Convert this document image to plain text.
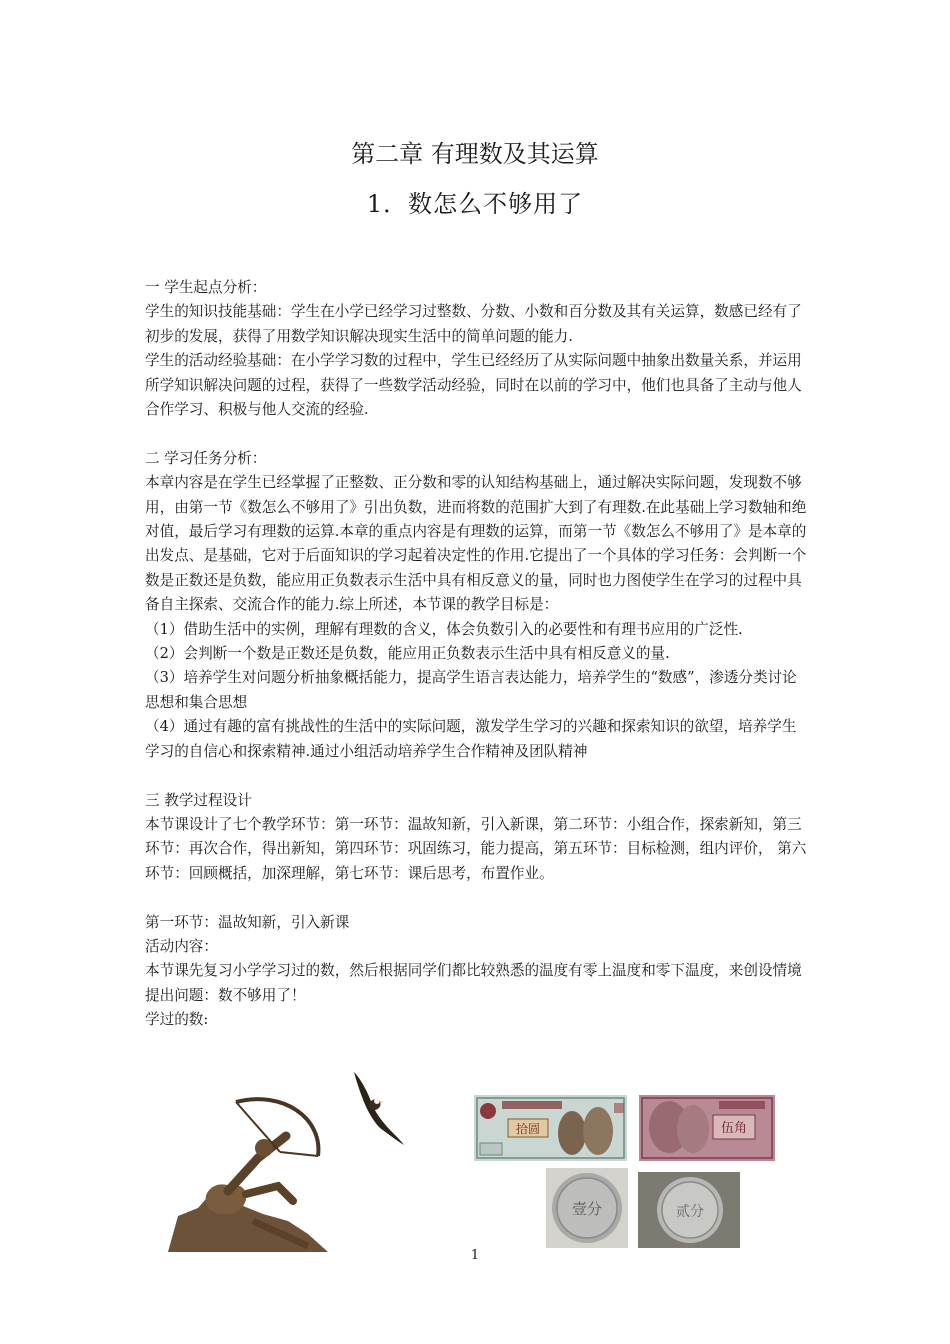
第二章 有理数及其运算
1．数怎么不够用了

一 学生起点分析：

学生的知识技能基础：学生在小学已经学习过整数、分数、小数和百分数及其有关运算，数感已经有了初步的发展，获得了用数学知识解决现实生活中的简单问题的能力.

学生的活动经验基础：在小学学习数的过程中，学生已经经历了从实际问题中抽象出数量关系，并运用所学知识解决问题的过程，获得了一些数学活动经验，同时在以前的学习中，他们也具备了主动与他人合作学习、积极与他人交流的经验.

二 学习任务分析：

本章内容是在学生已经掌握了正整数、正分数和零的认知结构基础上，通过解决实际问题，发现数不够用，由第一节《数怎么不够用了》引出负数，进而将数的范围扩大到了有理数.在此基础上学习数轴和绝对值，最后学习有理数的运算.本章的重点内容是有理数的运算，而第一节《数怎么不够用了》是本章的出发点、是基础，它对于后面知识的学习起着决定性的作用.它提出了一个具体的学习任务：会判断一个数是正数还是负数，能应用正负数表示生活中具有相反意义的量，同时也力图使学生在学习的过程中具备自主探索、交流合作的能力.综上所述，本节课的教学目标是：

（1）借助生活中的实例，理解有理数的含义，体会负数引入的必要性和有理书应用的广泛性.

（2）会判断一个数是正数还是负数，能应用正负数表示生活中具有相反意义的量.

（3）培养学生对问题分析抽象概括能力，提高学生语言表达能力，培养学生的“数感”，渗透分类讨论思想和集合思想

（4）通过有趣的富有挑战性的生活中的实际问题，激发学生学习的兴趣和探索知识的欲望，培养学生学习的自信心和探索精神.通过小组活动培养学生合作精神及团队精神

三 教学过程设计

本节课设计了七个教学环节：第一环节：温故知新，引入新课，第二环节：小组合作，探索新知，第三环节：再次合作，得出新知，第四环节：巩固练习，能力提高，第五环节：目标检测，组内评价， 第六环节：回顾概括，加深理解，第七环节：课后思考，布置作业。

第一环节：温故知新，引入新课

活动内容：

本节课先复习小学学习过的数，然后根据同学们都比较熟悉的温度有零上温度和零下温度，来创设情境提出问题：数不够用了！

学过的数:

拾圆	伍角
壹分	贰分
1
